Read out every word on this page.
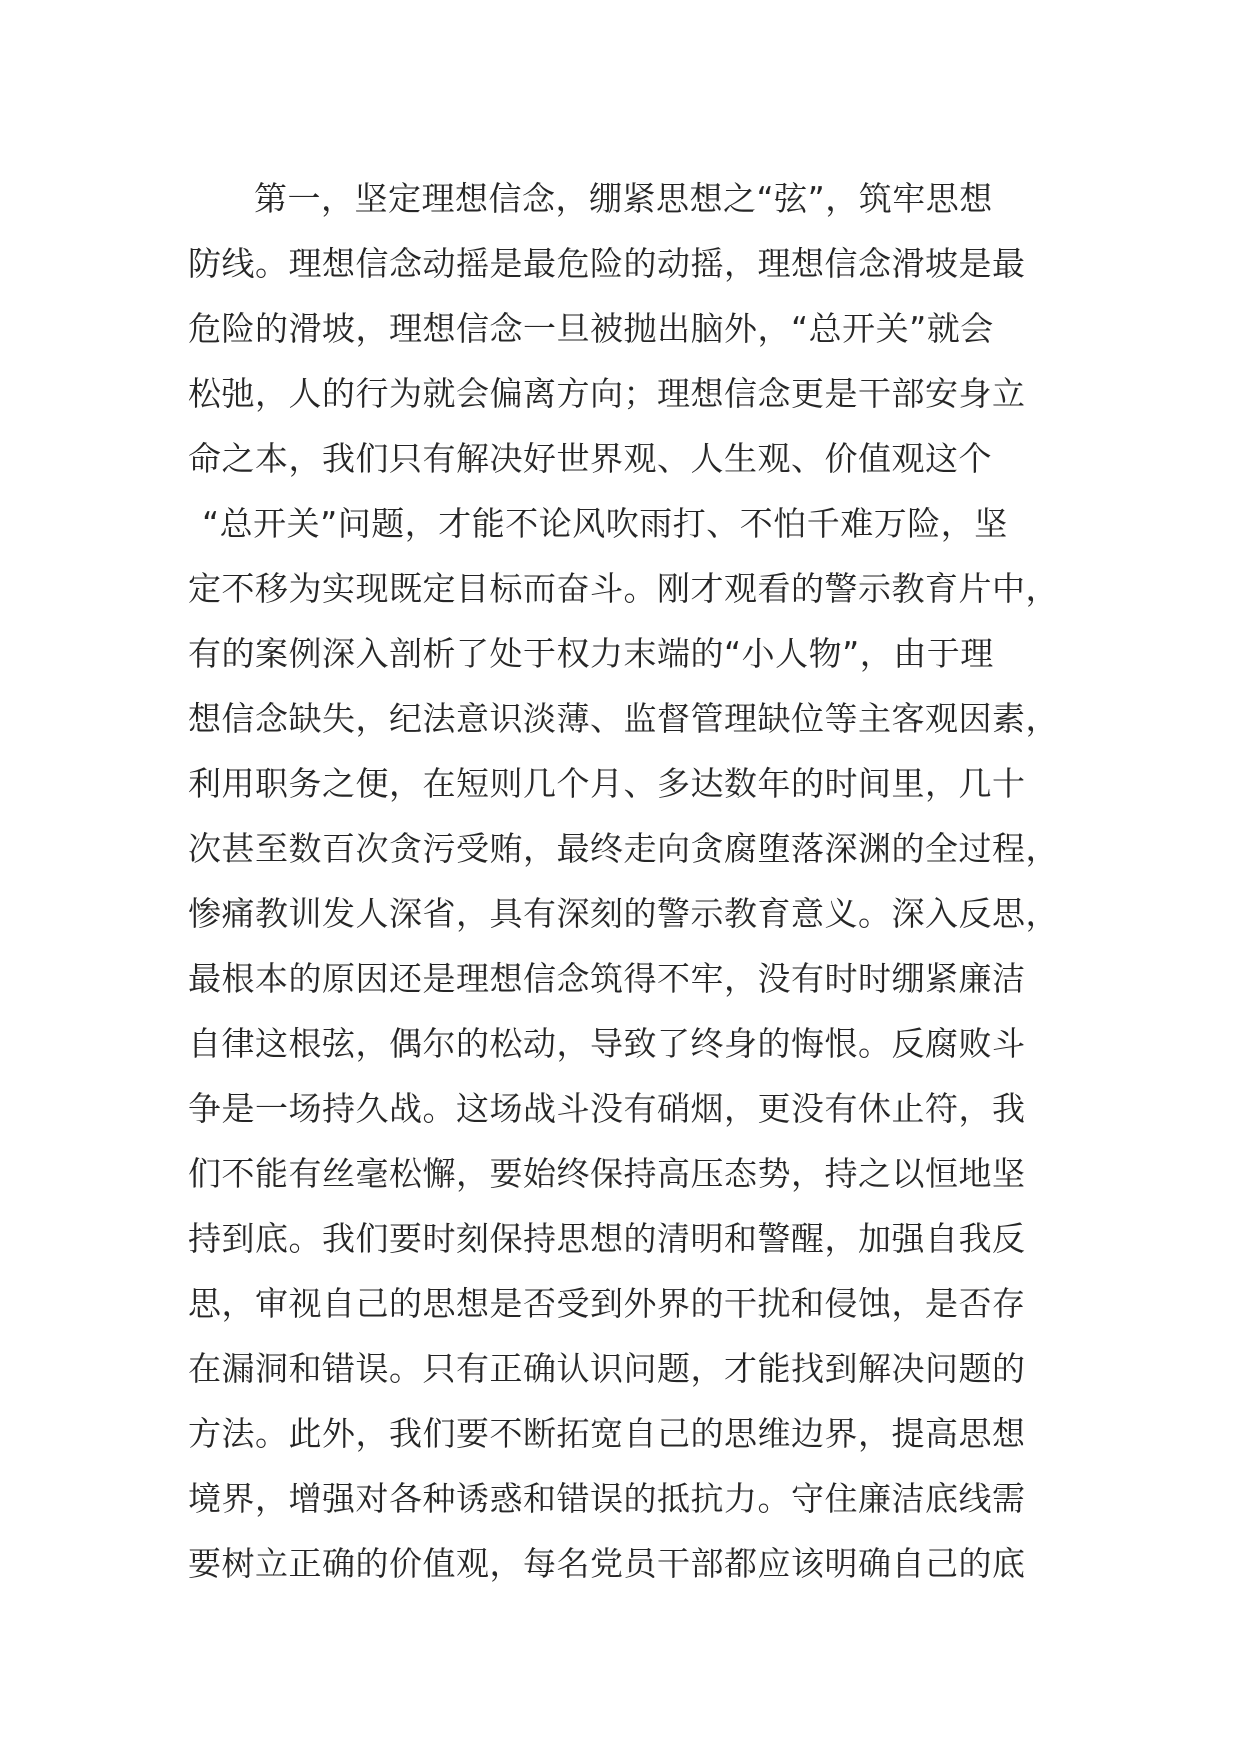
第一，坚定理想信念，绷紧思想之“弦”，筑牢思想
防线。理想信念动摇是最危险的动摇，理想信念滑坡是最
危险的滑坡，理想信念一旦被抛出脑外，“总开关”就会
松弛，人的行为就会偏离方向；理想信念更是干部安身立
命之本，我们只有解决好世界观、人生观、价值观这个
“总开关”问题，才能不论风吹雨打、不怕千难万险，坚
定不移为实现既定目标而奋斗。刚才观看的警示教育片中，
有的案例深入剖析了处于权力末端的“小人物”，由于理
想信念缺失，纪法意识淡薄、监督管理缺位等主客观因素，
利用职务之便，在短则几个月、多达数年的时间里，几十
次甚至数百次贪污受贿，最终走向贪腐堕落深渊的全过程，
惨痛教训发人深省，具有深刻的警示教育意义。深入反思，
最根本的原因还是理想信念筑得不牢，没有时时绷紧廉洁
自律这根弦，偶尔的松动，导致了终身的悔恨。反腐败斗
争是一场持久战。这场战斗没有硝烟，更没有休止符，我
们不能有丝毫松懈，要始终保持高压态势，持之以恒地坚
持到底。我们要时刻保持思想的清明和警醒，加强自我反
思，审视自己的思想是否受到外界的干扰和侵蚀，是否存
在漏洞和错误。只有正确认识问题，才能找到解决问题的
方法。此外，我们要不断拓宽自己的思维边界，提高思想
境界，增强对各种诱惑和错误的抵抗力。守住廉洁底线需
要树立正确的价值观，每名党员干部都应该明确自己的底
